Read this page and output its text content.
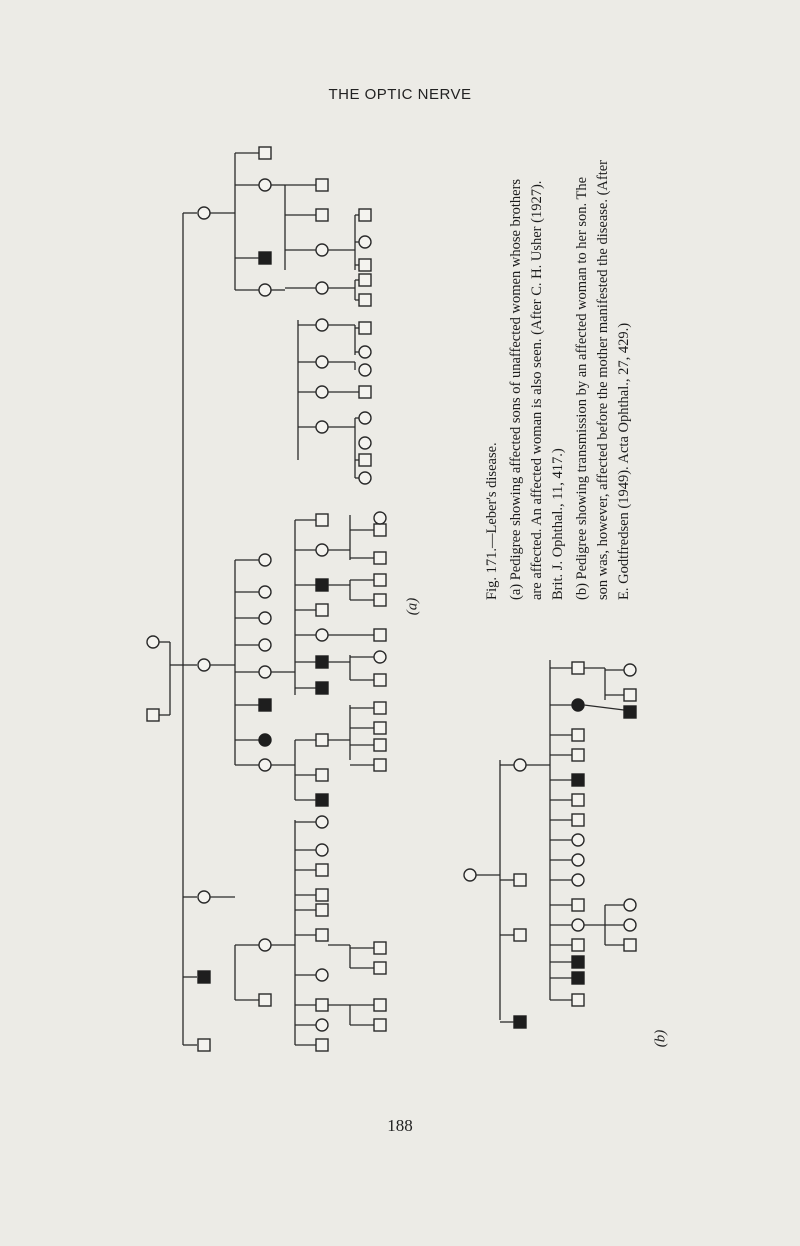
THE OPTIC NERVE
(a)
(b)

Fig. 171.—Leber's disease. (a) Pedigree showing affected sons of unaffected women whose brothers are affected. An affected woman is also seen. (After C. H. Usher (1927). Brit. J. Ophthal., 11, 417.) (b) Pedigree showing transmission by an affected woman to her son. The son was, however, affected before the mother manifested the disease. (After E. Godtfredsen (1949). Acta Ophthal., 27, 429.)

188
